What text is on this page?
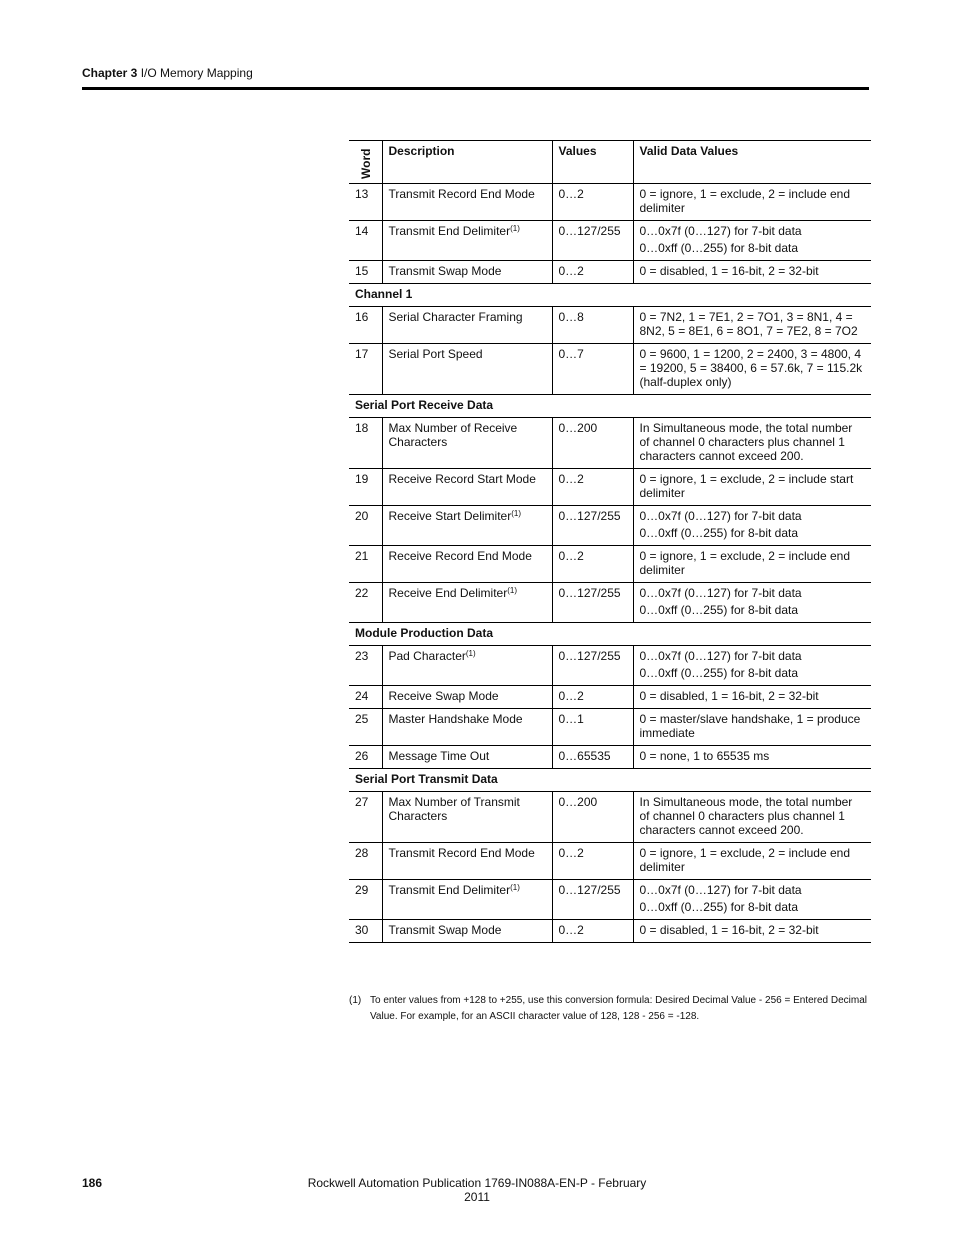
Chapter 3 I/O Memory Mapping
Word	Description	Values	Valid Data Values
13	Transmit Record End Mode	0…2	0 = ignore, 1 = exclude, 2 = include end delimiter

14	Transmit End Delimiter$^{(1)}$	0…127/255	0…0x7f (0…127) for 7-bit data
0…0xff (0…255) for 8-bit data

15	Transmit Swap Mode	0…2	0 = disabled, 1 = 16-bit, 2 = 32-bit

Channel 1			
16	Serial Character Framing	0…8	0 = 7N2, 1 = 7E1, 2 = 7O1, 3 = 8N1, 4 = 8N2, 5 = 8E1, 6 = 8O1, 7 = 7E2, 8 = 7O2

17	Serial Port Speed	0…7	0 = 9600, 1 = 1200, 2 = 2400, 3 = 4800, 4 = 19200, 5 = 38400, 6 = 57.6k, 7 = 115.2k (half-duplex only)

Serial Port Receive Data			
18	Max Number of Receive Characters	0…200	In Simultaneous mode, the total number of channel 0 characters plus channel 1 characters cannot exceed 200.

19	Receive Record Start Mode	0…2	0 = ignore, 1 = exclude, 2 = include start delimiter

20	Receive Start Delimiter$^{(1)}$	0…127/255	0…0x7f (0…127) for 7-bit data
0…0xff (0…255) for 8-bit data

21	Receive Record End Mode	0…2	0 = ignore, 1 = exclude, 2 = include end delimiter

22	Receive End Delimiter$^{(1)}$	0…127/255	0…0x7f (0…127) for 7-bit data
0…0xff (0…255) for 8-bit data

Module Production Data			
23	Pad Character$^{(1)}$	0…127/255	0…0x7f (0…127) for 7-bit data
0…0xff (0…255) for 8-bit data

24	Receive Swap Mode	0…2	0 = disabled, 1 = 16-bit, 2 = 32-bit

25	Master Handshake Mode	0…1	0 = master/slave handshake, 1 = produce immediate

26	Message Time Out	0…65535	0 = none, 1 to 65535 ms

Serial Port Transmit Data			
27	Max Number of Transmit Characters	0…200	In Simultaneous mode, the total number of channel 0 characters plus channel 1 characters cannot exceed 200.

28	Transmit Record End Mode	0…2	0 = ignore, 1 = exclude, 2 = include end delimiter

29	Transmit End Delimiter$^{(1)}$	0…127/255	0…0x7f (0…127) for 7-bit data
0…0xff (0…255) for 8-bit data

30	Transmit Swap Mode	0…2	0 = disabled, 1 = 16-bit, 2 = 32-bit
(1) To enter values from +128 to +255, use this conversion formula: Desired Decimal Value - 256 = Entered Decimal Value. For example, for an ASCII character value of 128, 128 - 256 = -128.
186	Rockwell Automation Publication 1769-IN088A-EN-P - February 2011
